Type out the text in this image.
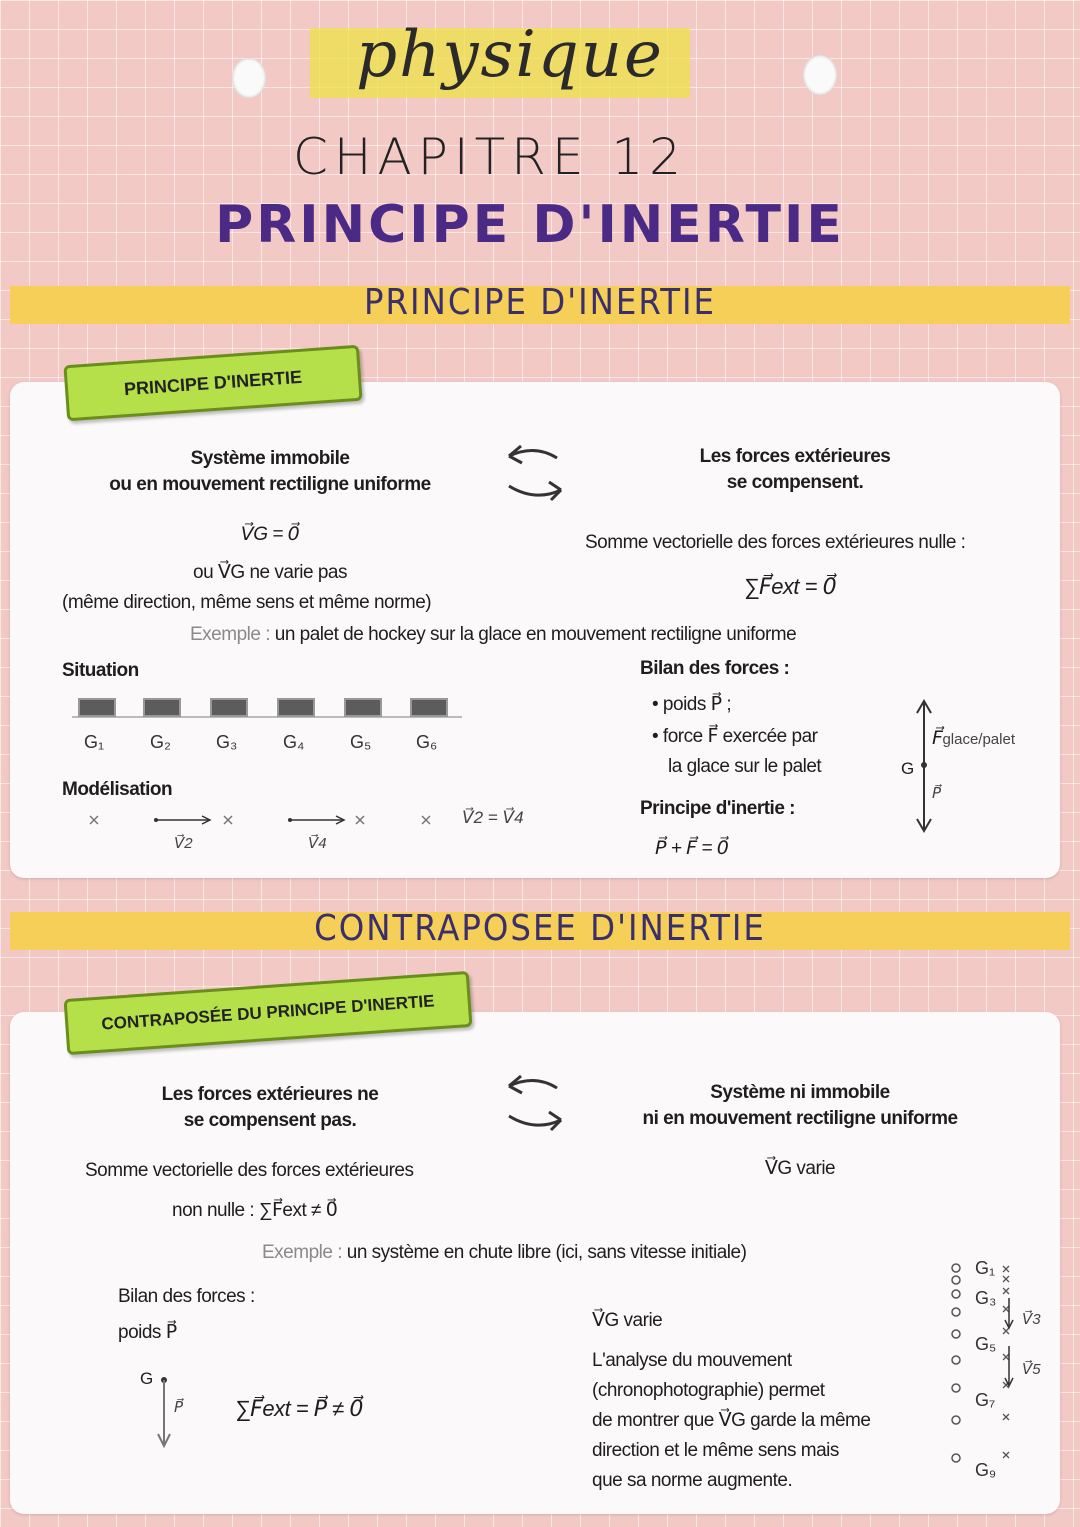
physique
CHAPITRE 12
PRINCIPE D'INERTIE
PRINCIPE D'INERTIE
PRINCIPE D'INERTIE
Système immobile
ou en mouvement rectiligne uniforme
Les forces extérieures
se compensent.
V⃗G = 0⃗
ou V⃗G ne varie pas
(même direction, même sens et même norme)
Somme vectorielle des forces extérieures nulle :
∑F⃗ext = 0⃗
Exemple : un palet de hockey sur la glace en mouvement rectiligne uniforme
Situation
G₁	G₂	G₃	G₄	G₅ G₆
Modélisation
V⃗2	V⃗4
V⃗2 = V⃗4
Bilan des forces :
• poids P⃗ ;
• force F⃗ exercée par
la glace sur le palet
Principe d'inertie :
P⃗ + F⃗ = 0⃗
G
F⃗glace/palet
P⃗
CONTRAPOSEE D'INERTIE
CONTRAPOSÉE DU PRINCIPE D'INERTIE
Les forces extérieures ne
se compensent pas.
Système ni immobile
ni en mouvement rectiligne uniforme
V⃗G varie
Somme vectorielle des forces extérieures
non nulle : ∑F⃗ext ≠ 0⃗
Exemple : un système en chute libre (ici, sans vitesse initiale)
Bilan des forces :
poids P⃗
G
P⃗ ∑F⃗ext = P⃗ ≠ 0⃗
V⃗G varie
L'analyse du mouvement
(chronophotographie) permet
de montrer que V⃗G garde la même
direction et le même sens mais
que sa norme augmente.
G₁
G₃
G₅
G₇
G₉
V⃗3
V⃗5
